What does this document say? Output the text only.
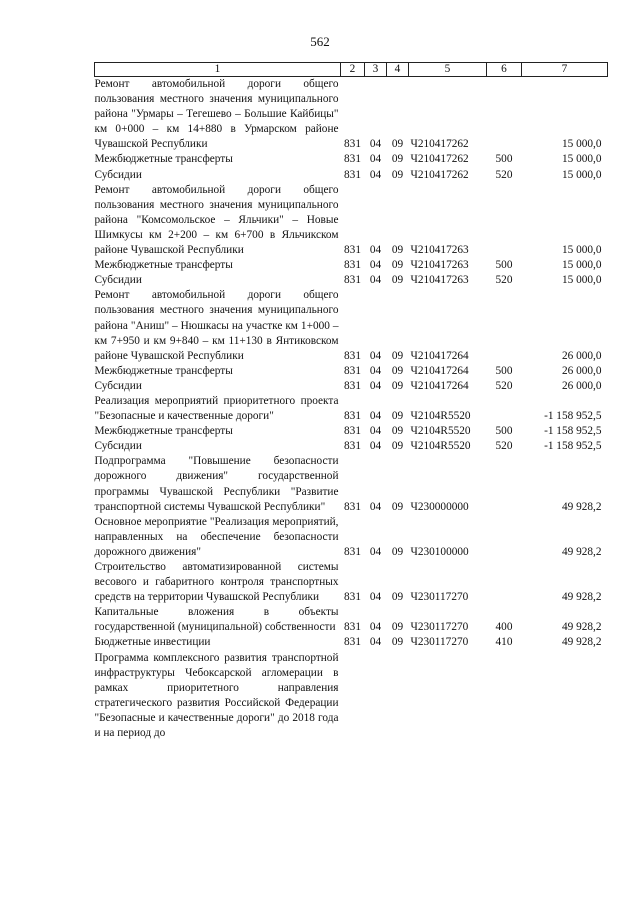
562
1	2	3	4	5	6	7
Ремонт автомобильной дороги общего пользования местного значения муниципального района "Урмары – Тегешево – Большие Кайбицы" км 0+000 – км 14+880 в Урмарском районе Чувашской Республики	831	04	09	Ч210417262		15 000,0
Межбюджетные трансферты	831	04	09	Ч210417262	500	15 000,0
Субсидии	831	04	09	Ч210417262	520	15 000,0
Ремонт автомобильной дороги общего пользования местного значения муниципального района "Комсомольское – Яльчики" – Новые Шимкусы км 2+200 – км 6+700 в Яльчикском районе Чувашской Республики	831	04	09	Ч210417263		15 000,0
Межбюджетные трансферты	831	04	09	Ч210417263	500	15 000,0
Субсидии	831	04	09	Ч210417263	520	15 000,0
Ремонт автомобильной дороги общего пользования местного значения муниципального района "Аниш" – Нюшкасы на участке км 1+000 – км 7+950 и км 9+840 – км 11+130 в Янтиковском районе Чувашской Республики	831	04	09	Ч210417264		26 000,0
Межбюджетные трансферты	831	04	09	Ч210417264	500	26 000,0
Субсидии	831	04	09	Ч210417264	520	26 000,0
Реализация мероприятий приоритетного проекта "Безопасные и качественные дороги"	831	04	09	Ч2104R5520		-1 158 952,5
Межбюджетные трансферты	831	04	09	Ч2104R5520	500	-1 158 952,5
Субсидии	831	04	09	Ч2104R5520	520	-1 158 952,5
Подпрограмма "Повышение безопасности дорожного движения" государственной программы Чувашской Республики "Развитие транспортной системы Чувашской Республики"	831	04	09	Ч230000000		49 928,2
Основное мероприятие "Реализация мероприятий, направленных на обеспечение безопасности дорожного движения"	831	04	09	Ч230100000		49 928,2
Строительство автоматизированной системы весового и габаритного контроля транспортных средств на территории Чувашской Республики	831	04	09	Ч230117270		49 928,2
Капитальные вложения в объекты государственной (муниципальной) собственности	831	04	09	Ч230117270	400	49 928,2
Бюджетные инвестиции	831	04	09	Ч230117270	410	49 928,2
Программа комплексного развития транспортной инфраструктуры Чебоксарской агломерации в рамках приоритетного направления стратегического развития Российской Федерации "Безопасные и качественные дороги" до 2018 года и на период до						
